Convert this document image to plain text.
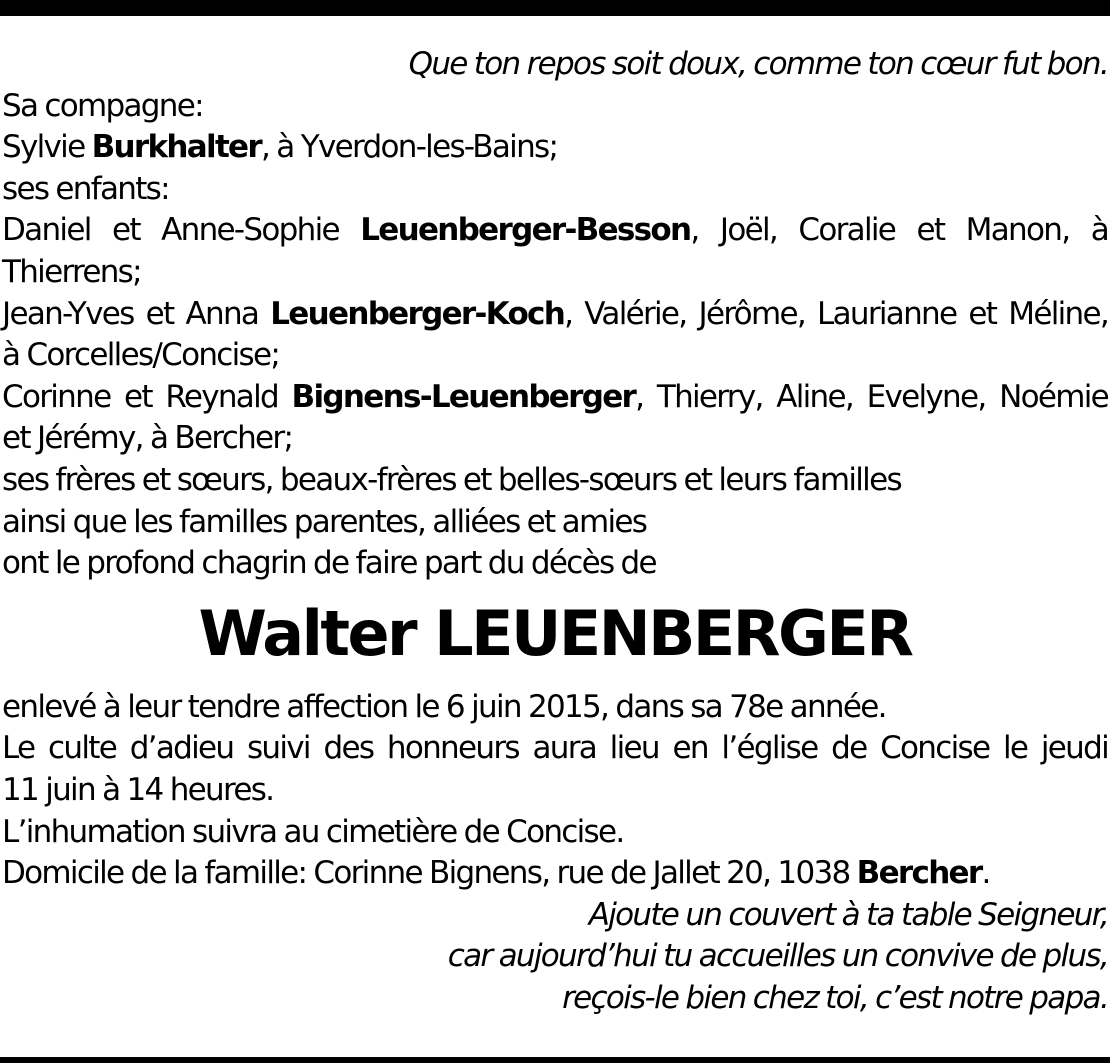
Que ton repos soit doux, comme ton cœur fut bon.
Sa compagne:
Sylvie Burkhalter, à Yverdon-les-Bains;
ses enfants:
Daniel et Anne-Sophie Leuenberger-Besson, Joël, Coralie et Manon, à
Thierrens;
Jean-Yves et Anna Leuenberger-Koch, Valérie, Jérôme, Laurianne et Méline,
à Corcelles/Concise;
Corinne et Reynald Bignens-Leuenberger, Thierry, Aline, Evelyne, Noémie
et Jérémy, à Bercher;
ses frères et sœurs, beaux-frères et belles-sœurs et leurs familles
ainsi que les familles parentes, alliées et amies
ont le profond chagrin de faire part du décès de
Walter LEUENBERGER
enlevé à leur tendre affection le 6 juin 2015, dans sa 78e année.
Le culte d’adieu suivi des honneurs aura lieu en l’église de Concise le jeudi
11 juin à 14 heures.
L’inhumation suivra au cimetière de Concise.
Domicile de la famille: Corinne Bignens, rue de Jallet 20, 1038 Bercher.
Ajoute un couvert à ta table Seigneur,
car aujourd’hui tu accueilles un convive de plus,
reçois-le bien chez toi, c’est notre papa.
